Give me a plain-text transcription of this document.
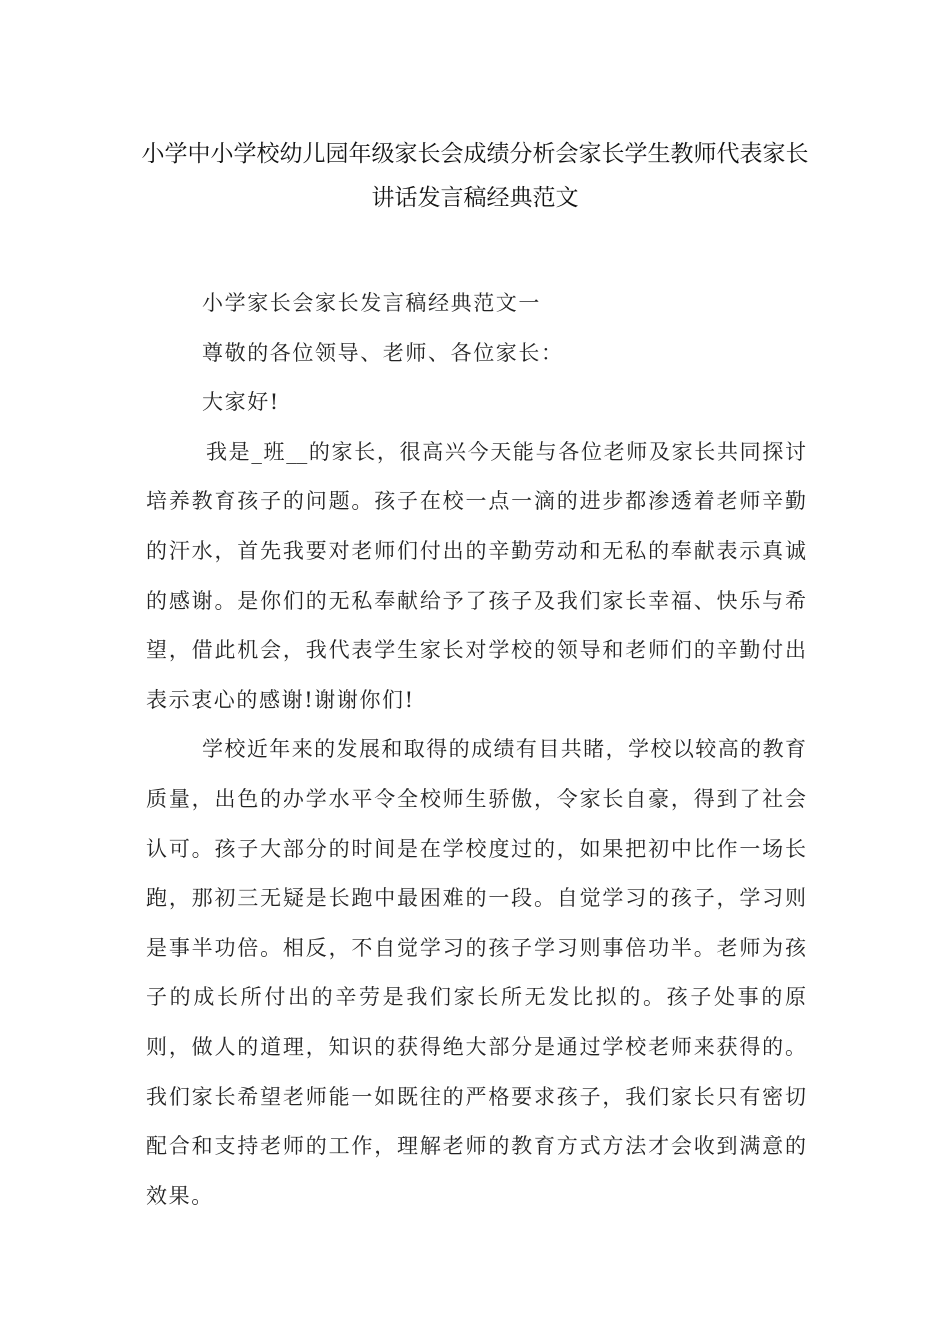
小学中小学校幼儿园年级家长会成绩分析会家长学生教师代表家长
讲话发言稿经典范文
小学家长会家长发言稿经典范文一
尊敬的各位领导、老师、各位家长：
大家好!
我是_班__的家长，很高兴今天能与各位老师及家长共同探讨
培养教育孩子的问题。孩子在校一点一滴的进步都渗透着老师辛勤
的汗水，首先我要对老师们付出的辛勤劳动和无私的奉献表示真诚
的感谢。是你们的无私奉献给予了孩子及我们家长幸福、快乐与希
望，借此机会，我代表学生家长对学校的领导和老师们的辛勤付出
表示衷心的感谢!谢谢你们!
学校近年来的发展和取得的成绩有目共睹，学校以较高的教育
质量，出色的办学水平令全校师生骄傲，令家长自豪，得到了社会
认可。孩子大部分的时间是在学校度过的，如果把初中比作一场长
跑，那初三无疑是长跑中最困难的一段。自觉学习的孩子，学习则
是事半功倍。相反，不自觉学习的孩子学习则事倍功半。老师为孩
子的成长所付出的辛劳是我们家长所无发比拟的。孩子处事的原
则，做人的道理，知识的获得绝大部分是通过学校老师来获得的。
我们家长希望老师能一如既往的严格要求孩子，我们家长只有密切
配合和支持老师的工作，理解老师的教育方式方法才会收到满意的
效果。
